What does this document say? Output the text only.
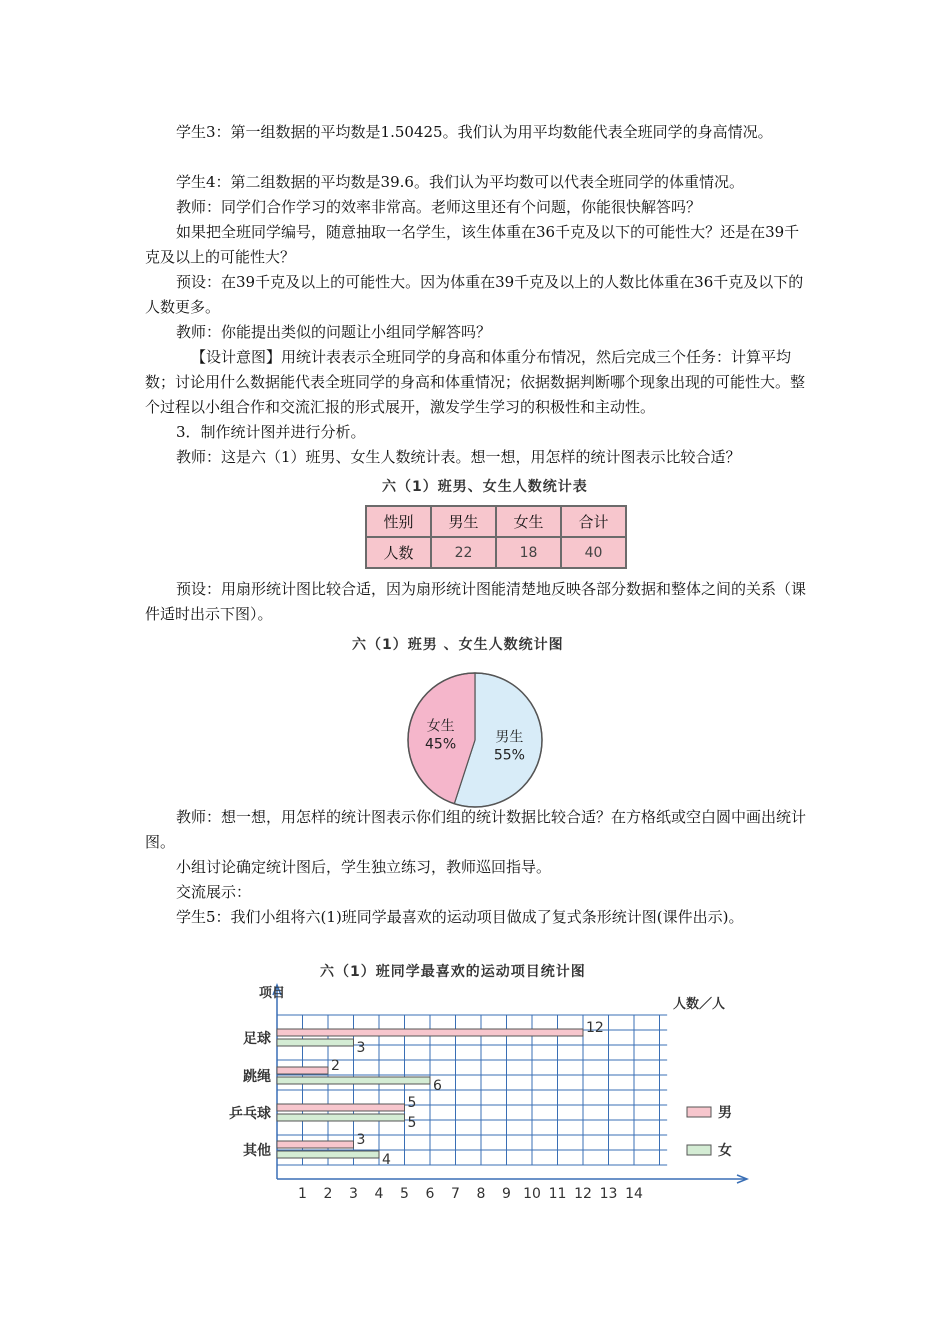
学生3：第一组数据的平均数是1.50425。我们认为用平均数能代表全班同学的身高情况。

学生4：第二组数据的平均数是39.6。我们认为平均数可以代表全班同学的体重情况。

教师：同学们合作学习的效率非常高。老师这里还有个问题，你能很快解答吗？

如果把全班同学编号，随意抽取一名学生，该生体重在36千克及以下的可能性大？还是在39千克及以上的可能性大？

预设：在39千克及以上的可能性大。因为体重在39千克及以上的人数比体重在36千克及以下的人数更多。

教师：你能提出类似的问题让小组同学解答吗？

【设计意图】用统计表表示全班同学的身高和体重分布情况，然后完成三个任务：计算平均数；讨论用什么数据能代表全班同学的身高和体重情况；依据数据判断哪个现象出现的可能性大。整个过程以小组合作和交流汇报的形式展开，激发学生学习的积极性和主动性。

3．制作统计图并进行分析。

教师：这是六（1）班男、女生人数统计表。想一想，用怎样的统计图表示比较合适？

六（1）班男、女生人数统计表
性别	男生	女生	合计
人数	22	18	40

预设：用扇形统计图比较合适，因为扇形统计图能清楚地反映各部分数据和整体之间的关系（课件适时出示下图）。

六（1）班男 、女生人数统计图
男生
55%
女生
45%

教师：想一想，用怎样的统计图表示你们组的统计数据比较合适？在方格纸或空白圆中画出统计图。

小组讨论确定统计图后，学生独立练习，教师巡回指导。

交流展示：

学生5：我们小组将六(1)班同学最喜欢的运动项目做成了复式条形统计图(课件出示)。

六（1）班同学最喜欢的运动项目统计图
项目
人数／人
1 2 3 4 5 6 7 8 9 10 11 12 13 14
足球
12
3
跳绳
2
6
乒乓球
5
5
其他
3
4
男
女
